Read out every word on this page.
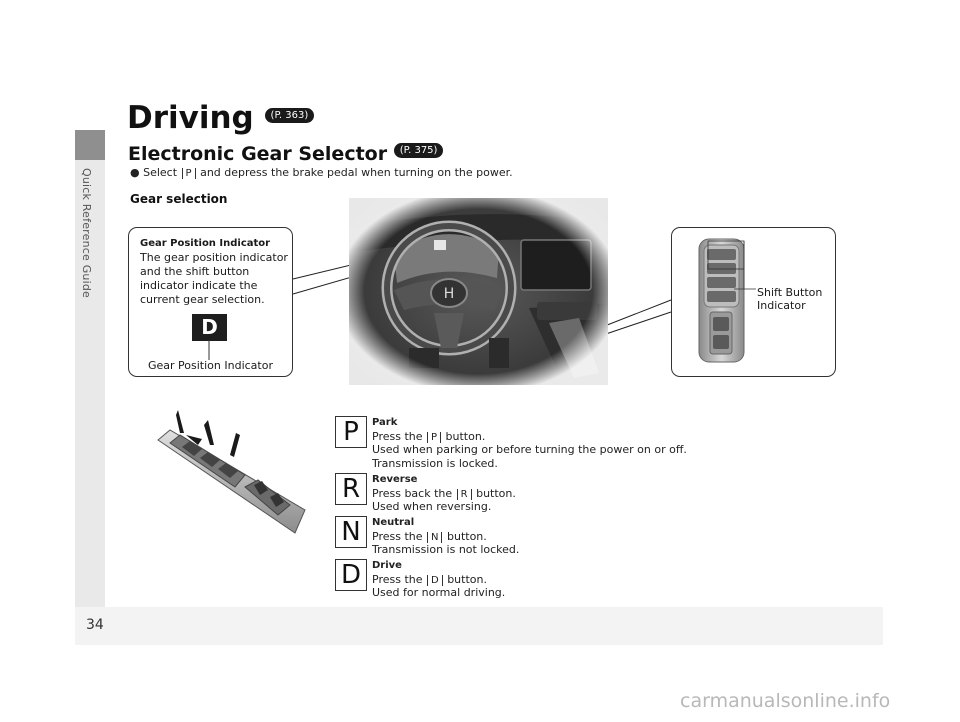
Quick Reference Guide
34
Driving (P. 363)
Electronic Gear Selector (P. 375)
● Select P and depress the brake pedal when turning on the power.
Gear selection
Gear Position Indicator
The gear position indicator and the shift button indicator indicate the current gear selection.
D
Gear Position Indicator
Shift Button
Indicator
P	Park
Press the P button.
Used when parking or before turning the power on or off.
Transmission is locked.
R	Reverse
Press back the R button.
Used when reversing.
N	Neutral
Press the N button.
Transmission is not locked.
D	Drive
Press the D button.
Used for normal driving.
carmanualsonline.info
